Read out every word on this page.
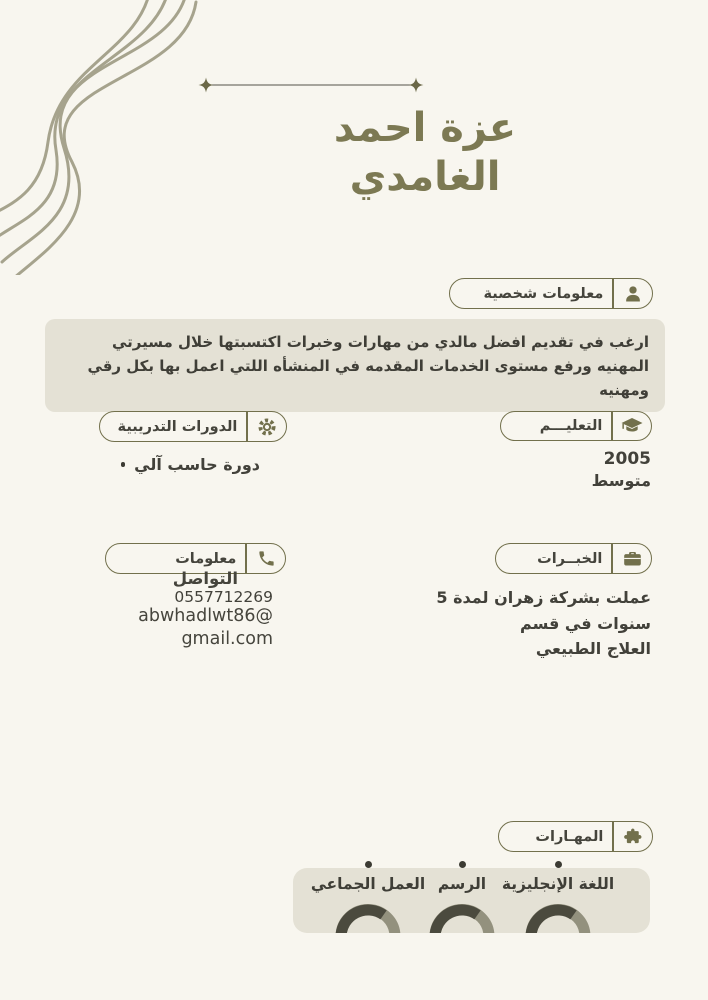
عزة احمد
الغامدي
معلومات شخصية
ارغب في تقديم افضل مالدي من مهارات وخبرات اكتسبتها خلال مسيرتي المهنيه ورفع مستوى الخدمات المقدمه في المنشأه اللتي اعمل بها بكل رقي ومهنيه
التعليـــم
2005
متوسط
الدورات التدريبية
دورة حاسب آلي
معلومات
التواصل
0557712269
abwhadlwt86@
gmail.com
الخبــرات
عملت بشركة زهران لمدة 5 سنوات في قسم
العلاج الطبيعي
المهـارات
اللغة الإنجليزية
الرسم
العمل الجماعي
